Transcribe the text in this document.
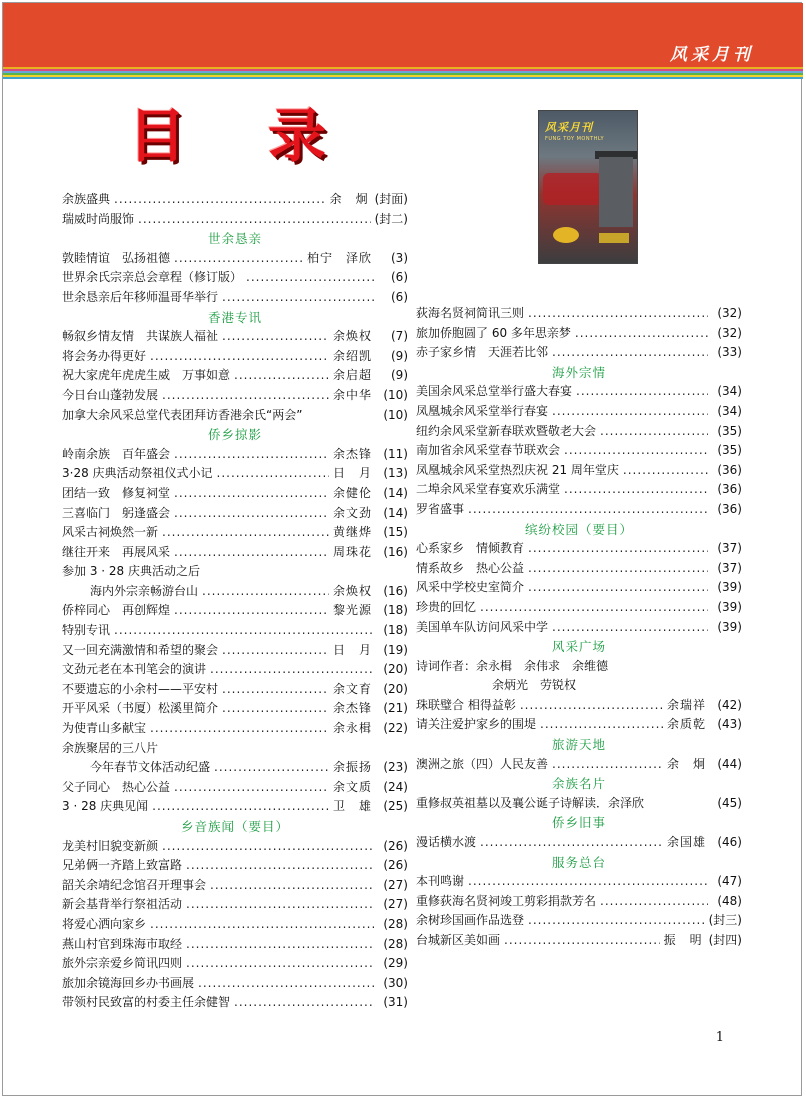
风采月刊
目 录	风采月刊
FUNG TOY MONTHLY
余族盛典 .....	余　炯 (封面)
瑞威时尚服饰 .....	(封二)
世余恳亲
敦睦情谊　弘扬祖德 .....	柏宁　泽欣	(3)
世界余氏宗亲总会章程（修订版） .....	(6)
世余恳亲后年移师温哥华举行 .....	(6)
香港专讯
畅叙乡情友情　共谋族人福祉 .....	余焕权	(7)
将会务办得更好 .....	余绍凯	(9)
祝大家虎年虎虎生威　万事如意 .....	余启超	(9)
今日台山蓬勃发展 .....	余中华 (10)
加拿大余风采总堂代表团拜访香港余氏“两会”	(10)
侨乡掠影
岭南余族　百年盛会 .....	余杰锋 (11)
3·28 庆典活动祭祖仪式小记 .....	日　月 (13)
团结一致　修复祠堂 .....	余健伦 (14)
三喜临门　躬逢盛会 .....	余文劲 (14)
风采古祠焕然一新 .....	黄继烨 (15)
继往开来　再展风采 .....	周珠花 (16)
参加 3 · 28 庆典活动之后
海内外宗亲畅游台山 .....	余焕权 (16)
侨梓同心　再创辉煌 .....	黎光源 (18)
特别专讯 .....	(18)
又一回充满激情和希望的聚会 .....	日　月 (19)
文劲元老在本刊笔会的演讲 .....	(20)
不要遗忘的小余村——平安村 .....	余文育 (20)
开平风采（书厦）松溪里简介 .....	余杰锋 (21)
为使青山多献宝 .....	余永楫 (22)
余族聚居的三八片
今年春节文体活动纪盛 .....	余振扬 (23)
父子同心　热心公益 .....	余文质 (24)
3 · 28 庆典见闻 .....	卫　雄 (25)
乡音族闻（要目）
龙美村旧貌变新颜 .....	(26)
兄弟俩一齐踏上致富路 .....	(26)
韶关余靖纪念馆召开理事会 .....	(27)
新会基背举行祭祖活动 .....	(27)
将爱心洒向家乡 .....	(28)
燕山村官到珠海市取经 .....	(28)
旅外宗亲爱乡简讯四则 .....	(29)
旅加余镜海回乡办书画展 .....	(30)
带领村民致富的村委主任余健智 .....	(31)
荻海名贤祠简讯三则 .....	(32)
旅加侨胞圆了 60 多年思亲梦 .....	(32)
赤子家乡情　天涯若比邻 .....	(33)
海外宗情
美国余风采总堂举行盛大春宴 .....	(34)
凤凰城余风采堂举行春宴 .....	(34)
纽约余风采堂新春联欢暨敬老大会 .....	(35)
南加省余风采堂春节联欢会 .....	(35)
凤凰城余风采堂热烈庆祝 21 周年堂庆 .....	(36)
二埠余风采堂春宴欢乐满堂 .....	(36)
罗省盛事 .....	(36)
缤纷校园（要目）
心系家乡　情倾教育 .....	(37)
情系故乡　热心公益 .....	(37)
风采中学校史室简介 .....	(39)
珍贵的回忆 .....	(39)
美国单车队访问风采中学 .....	(39)
风采广场
诗词作者：余永楫　余伟求　余维德
余炳光　劳锐权
珠联璧合 相得益彰 .....	余瑞祥 (42)
请关注爱护家乡的围堤 .....	余质乾 (43)
旅游天地
澳洲之旅（四）人民友善 .....	余　炯 (44)
余族名片
重修叔英祖墓以及襄公诞子诗解读．余泽欣	(45)
侨乡旧事
漫话横水渡 .....	余国雄 (46)
服务总台
本刊鸣谢 .....	(47)
重修荻海名贤祠竣工剪彩捐款芳名 .....	(48)
余树珍国画作品选登 .....	(封三)
台城新区美如画 .....	振　明 (封四)
1
